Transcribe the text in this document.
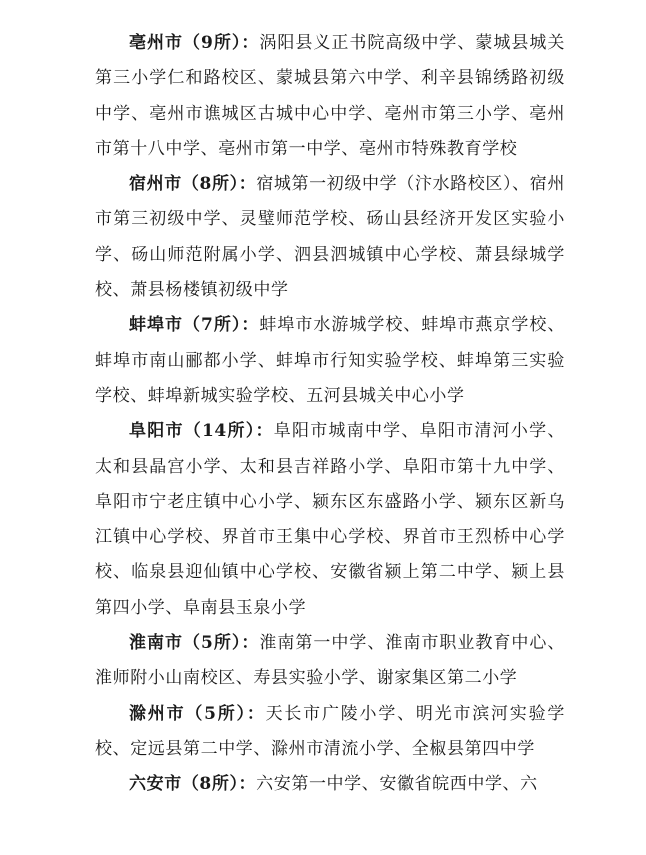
亳州市（9所）：涡阳县义正书院高级中学、蒙城县城关第三小学仁和路校区、蒙城县第六中学、利辛县锦绣路初级中学、亳州市谯城区古城中心中学、亳州市第三小学、亳州市第十八中学、亳州市第一中学、亳州市特殊教育学校

宿州市（8所）：宿城第一初级中学（汴水路校区）、宿州市第三初级中学、灵璧师范学校、砀山县经济开发区实验小学、砀山师范附属小学、泗县泗城镇中心学校、萧县绿城学校、萧县杨楼镇初级中学

蚌埠市（7所）：蚌埠市水游城学校、蚌埠市燕京学校、蚌埠市南山郦都小学、蚌埠市行知实验学校、蚌埠第三实验学校、蚌埠新城实验学校、五河县城关中心小学

阜阳市（14所）：阜阳市城南中学、阜阳市清河小学、太和县晶宫小学、太和县吉祥路小学、阜阳市第十九中学、阜阳市宁老庄镇中心小学、颍东区东盛路小学、颍东区新乌江镇中心学校、界首市王集中心学校、界首市王烈桥中心学校、临泉县迎仙镇中心学校、安徽省颍上第二中学、颍上县第四小学、阜南县玉泉小学

淮南市（5所）：淮南第一中学、淮南市职业教育中心、淮师附小山南校区、寿县实验小学、谢家集区第二小学

滁州市（5所）：天长市广陵小学、明光市滨河实验学校、定远县第二中学、滁州市清流小学、全椒县第四中学

六安市（8所）：六安第一中学、安徽省皖西中学、六
